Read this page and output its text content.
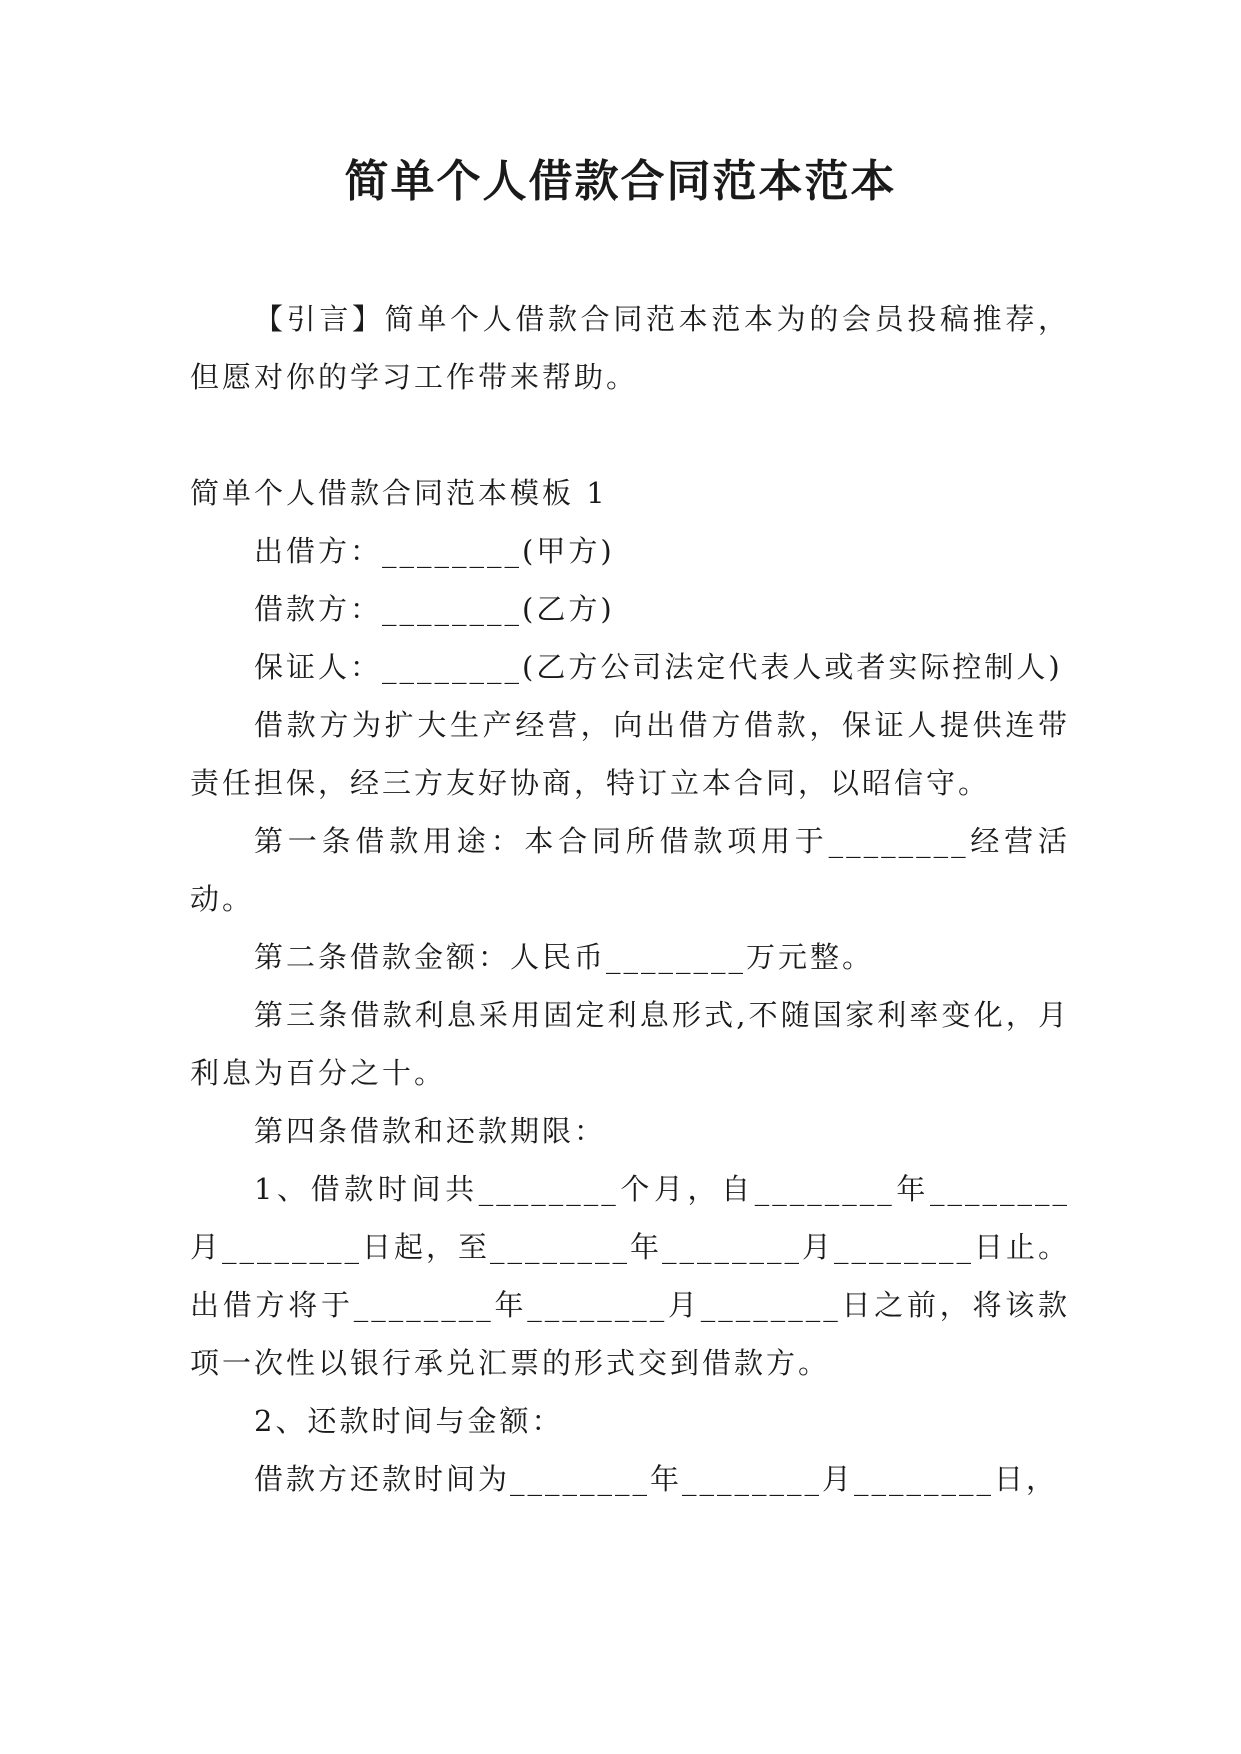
简单个人借款合同范本范本

【引言】简单个人借款合同范本范本为的会员投稿推荐，但愿对你的学习工作带来帮助。

简单个人借款合同范本模板 1

出借方：________(甲方)

借款方：________(乙方)

保证人：________(乙方公司法定代表人或者实际控制人)

借款方为扩大生产经营，向出借方借款，保证人提供连带责任担保，经三方友好协商，特订立本合同，以昭信守。

第一条借款用途：本合同所借款项用于________经营活动。

第二条借款金额：人民币________万元整。

第三条借款利息采用固定利息形式,不随国家利率变化，月利息为百分之十。

第四条借款和还款期限：

1、借款时间共________个月，自________年________月________日起，至________年________月________日止。出借方将于________年________月________日之前，将该款项一次性以银行承兑汇票的形式交到借款方。

2、还款时间与金额：

借款方还款时间为________年________月________日，
